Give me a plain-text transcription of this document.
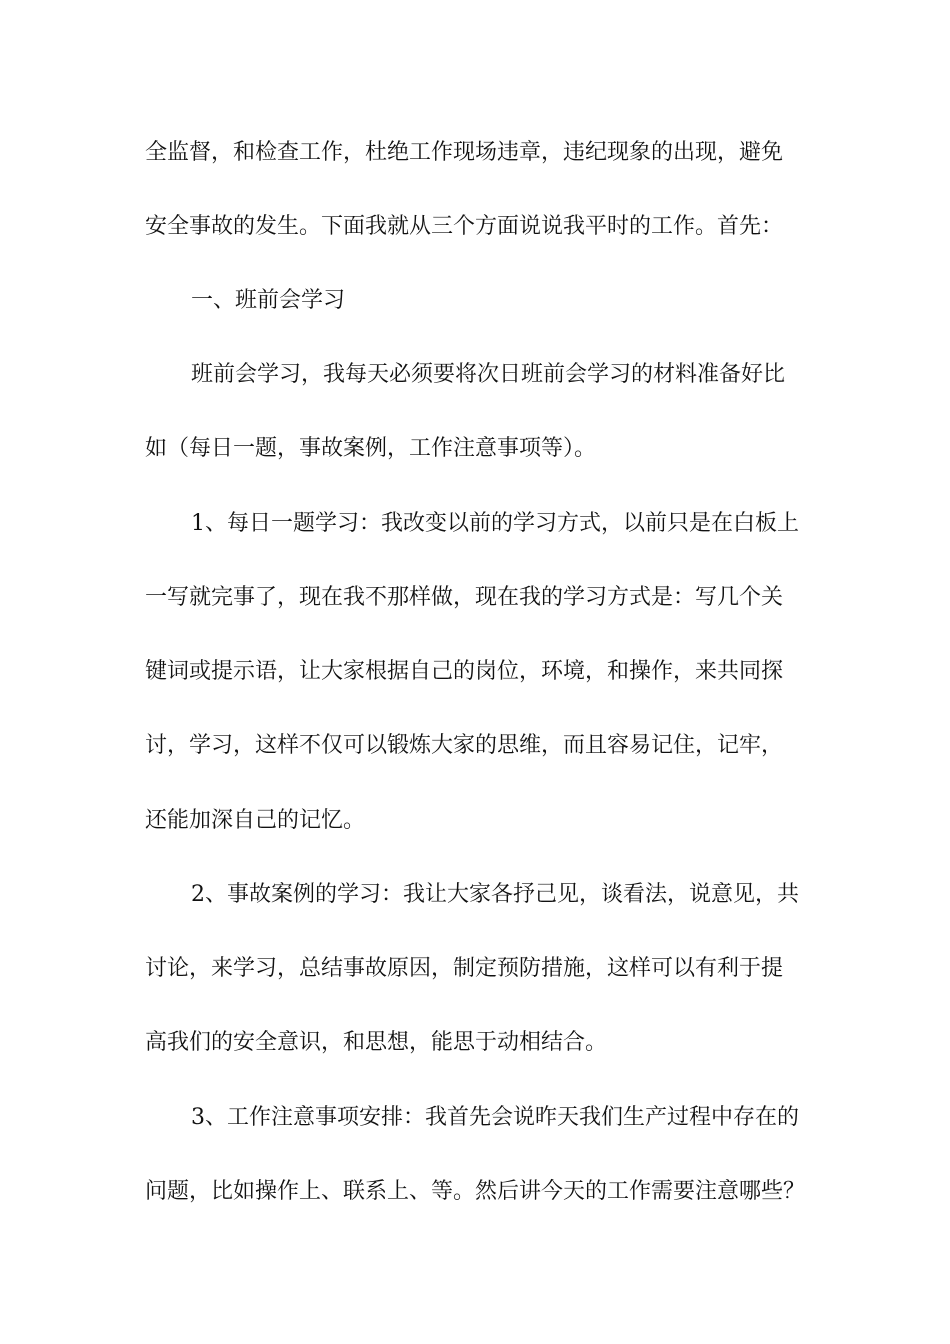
全监督，和检查工作，杜绝工作现场违章，违纪现象的出现，避免
安全事故的发生。下面我就从三个方面说说我平时的工作。首先：
一、班前会学习
班前会学习，我每天必须要将次日班前会学习的材料准备好比
如（每日一题，事故案例，工作注意事项等）。
1、每日一题学习：我改变以前的学习方式，以前只是在白板上
一写就完事了，现在我不那样做，现在我的学习方式是：写几个关
键词或提示语，让大家根据自己的岗位，环境，和操作，来共同探
讨，学习，这样不仅可以锻炼大家的思维，而且容易记住，记牢，
还能加深自己的记忆。
2、事故案例的学习：我让大家各抒己见，谈看法，说意见，共
讨论，来学习，总结事故原因，制定预防措施，这样可以有利于提
高我们的安全意识，和思想，能思于动相结合。
3、工作注意事项安排：我首先会说昨天我们生产过程中存在的
问题，比如操作上、联系上、等。然后讲今天的工作需要注意哪些？
